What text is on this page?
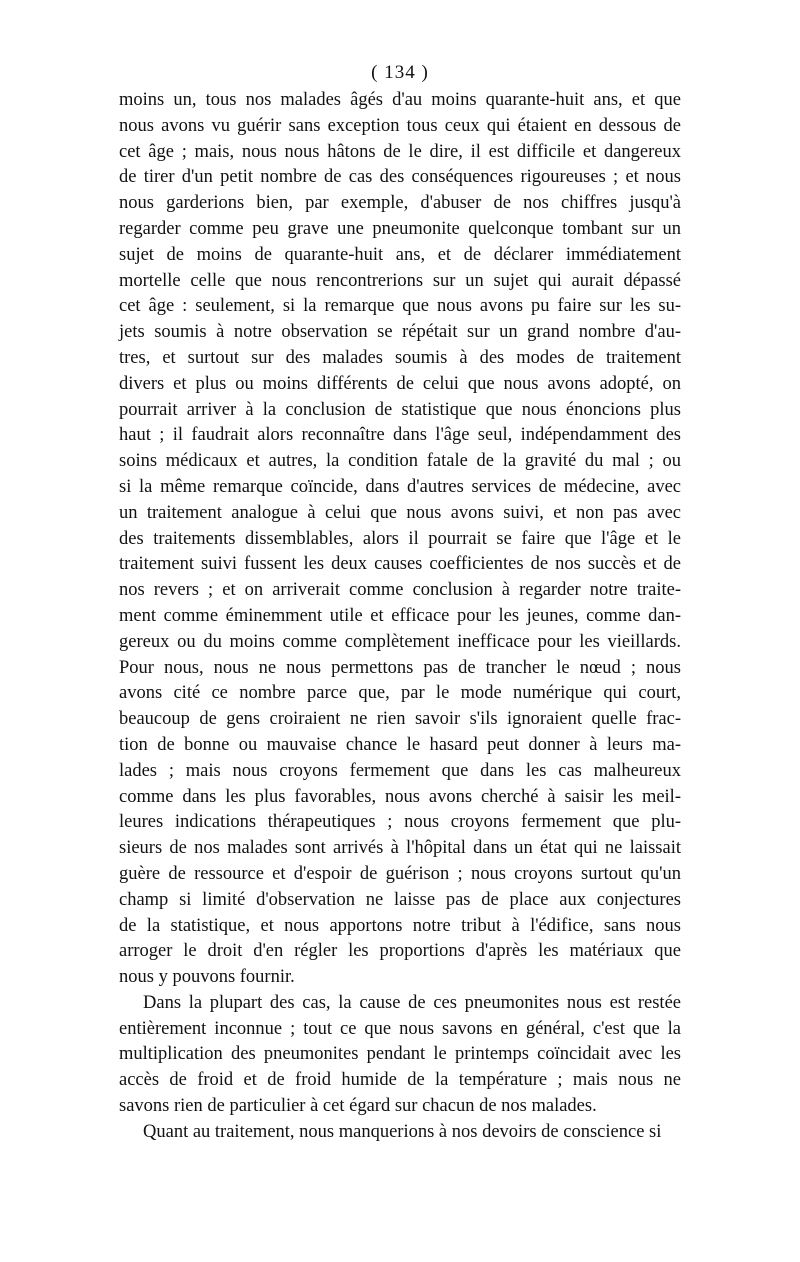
( 134 )
moins un, tous nos malades âgés d'au moins quarante-huit ans, et que
nous avons vu guérir sans exception tous ceux qui étaient en dessous de
cet âge ; mais, nous nous hâtons de le dire, il est difficile et dangereux
de tirer d'un petit nombre de cas des conséquences rigoureuses ; et nous
nous garderions bien, par exemple, d'abuser de nos chiffres jusqu'à
regarder comme peu grave une pneumonite quelconque tombant sur un
sujet de moins de quarante-huit ans, et de déclarer immédiatement
mortelle celle que nous rencontrerions sur un sujet qui aurait dépassé
cet âge : seulement, si la remarque que nous avons pu faire sur les su-
jets soumis à notre observation se répétait sur un grand nombre d'au-
tres, et surtout sur des malades soumis à des modes de traitement
divers et plus ou moins différents de celui que nous avons adopté, on
pourrait arriver à la conclusion de statistique que nous énoncions plus
haut ; il faudrait alors reconnaître dans l'âge seul, indépendamment des
soins médicaux et autres, la condition fatale de la gravité du mal ; ou
si la même remarque coïncide, dans d'autres services de médecine, avec
un traitement analogue à celui que nous avons suivi, et non pas avec
des traitements dissemblables, alors il pourrait se faire que l'âge et le
traitement suivi fussent les deux causes coefficientes de nos succès et de
nos revers ; et on arriverait comme conclusion à regarder notre traite-
ment comme éminemment utile et efficace pour les jeunes, comme dan-
gereux ou du moins comme complètement inefficace pour les vieillards.
Pour nous, nous ne nous permettons pas de trancher le nœud ; nous
avons cité ce nombre parce que, par le mode numérique qui court,
beaucoup de gens croiraient ne rien savoir s'ils ignoraient quelle frac-
tion de bonne ou mauvaise chance le hasard peut donner à leurs ma-
lades ; mais nous croyons fermement que dans les cas malheureux
comme dans les plus favorables, nous avons cherché à saisir les meil-
leures indications thérapeutiques ; nous croyons fermement que plu-
sieurs de nos malades sont arrivés à l'hôpital dans un état qui ne laissait
guère de ressource et d'espoir de guérison ; nous croyons surtout qu'un
champ si limité d'observation ne laisse pas de place aux conjectures
de la statistique, et nous apportons notre tribut à l'édifice, sans nous
arroger le droit d'en régler les proportions d'après les matériaux que
nous y pouvons fournir.
Dans la plupart des cas, la cause de ces pneumonites nous est restée
entièrement inconnue ; tout ce que nous savons en général, c'est que la
multiplication des pneumonites pendant le printemps coïncidait avec les
accès de froid et de froid humide de la température ; mais nous ne
savons rien de particulier à cet égard sur chacun de nos malades.
Quant au traitement, nous manquerions à nos devoirs de conscience si
